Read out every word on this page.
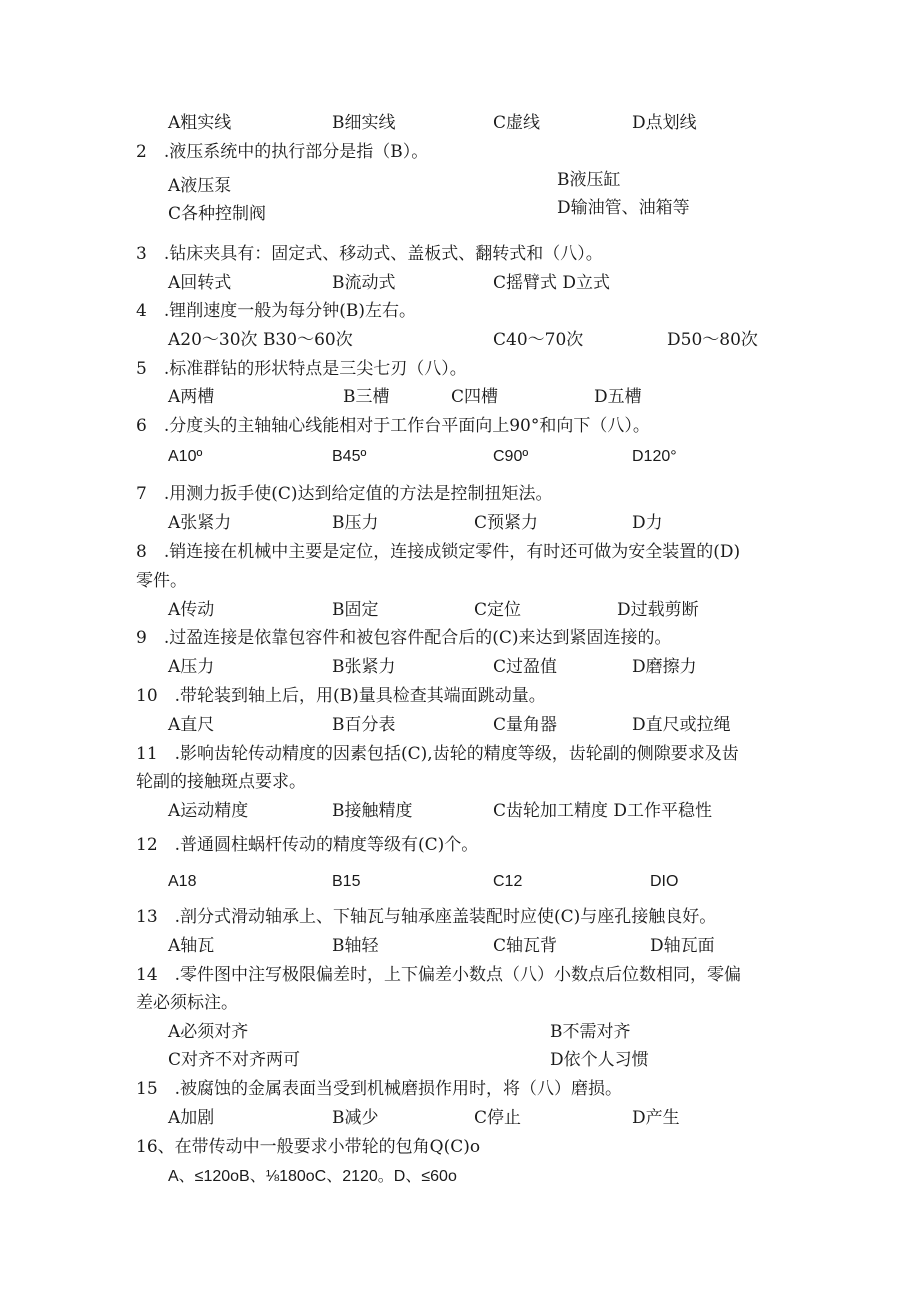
A粗实线	B细实线	C虚线	D点划线
2　.液压系统中的执行部分是指（B）。
A液压泵	B液压缸
C各种控制阀	D输油管、油箱等
3　.钻床夹具有：固定式、移动式、盖板式、翻转式和（八）。
A回转式	B流动式	C摇臂式 D立式
4　.锂削速度一般为每分钟(B)左右。
A20～30次 B30～60次	C40～70次	D50～80次
5　.标准群钻的形状特点是三尖七刃（八）。
A两槽	B三槽	C四槽	D五槽
6　.分度头的主轴轴心线能相对于工作台平面向上90°和向下（八）。
A10º	B45º	C90º	D120°
7　.用测力扳手使(C)达到给定值的方法是控制扭矩法。
A张紧力	B压力	C预紧力	D力
8　.销连接在机械中主要是定位，连接成锁定零件，有时还可做为安全装置的(D)
零件。
A传动	B固定	C定位	D过载剪断
9　.过盈连接是依靠包容件和被包容件配合后的(C)来达到紧固连接的。
A压力	B张紧力	C过盈值	D磨擦力
10　.带轮装到轴上后，用(B)量具检查其端面跳动量。
A直尺	B百分表	C量角器	D直尺或拉绳
11　.影响齿轮传动精度的因素包括(C),齿轮的精度等级，齿轮副的侧隙要求及齿
轮副的接触斑点要求。
A运动精度	B接触精度	C齿轮加工精度 D工作平稳性
12　.普通圆柱蜗杆传动的精度等级有(C)个。
A18	B15	C12	DIO
13　.剖分式滑动轴承上、下轴瓦与轴承座盖装配时应使(C)与座孔接触良好。
A轴瓦	B轴轻	C轴瓦背	D轴瓦面
14　.零件图中注写极限偏差时，上下偏差小数点（八）小数点后位数相同，零偏
差必须标注。
A必须对齐	B不需对齐
C对齐不对齐两可	D依个人习惯
15　.被腐蚀的金属表面当受到机械磨损作用时，将（八）磨损。
A加剧	B减少	C停止	D产生
16、在带传动中一般要求小带轮的包角Q(C)o
A、≤120oB、⅛180oC、2120。D、≤60o
